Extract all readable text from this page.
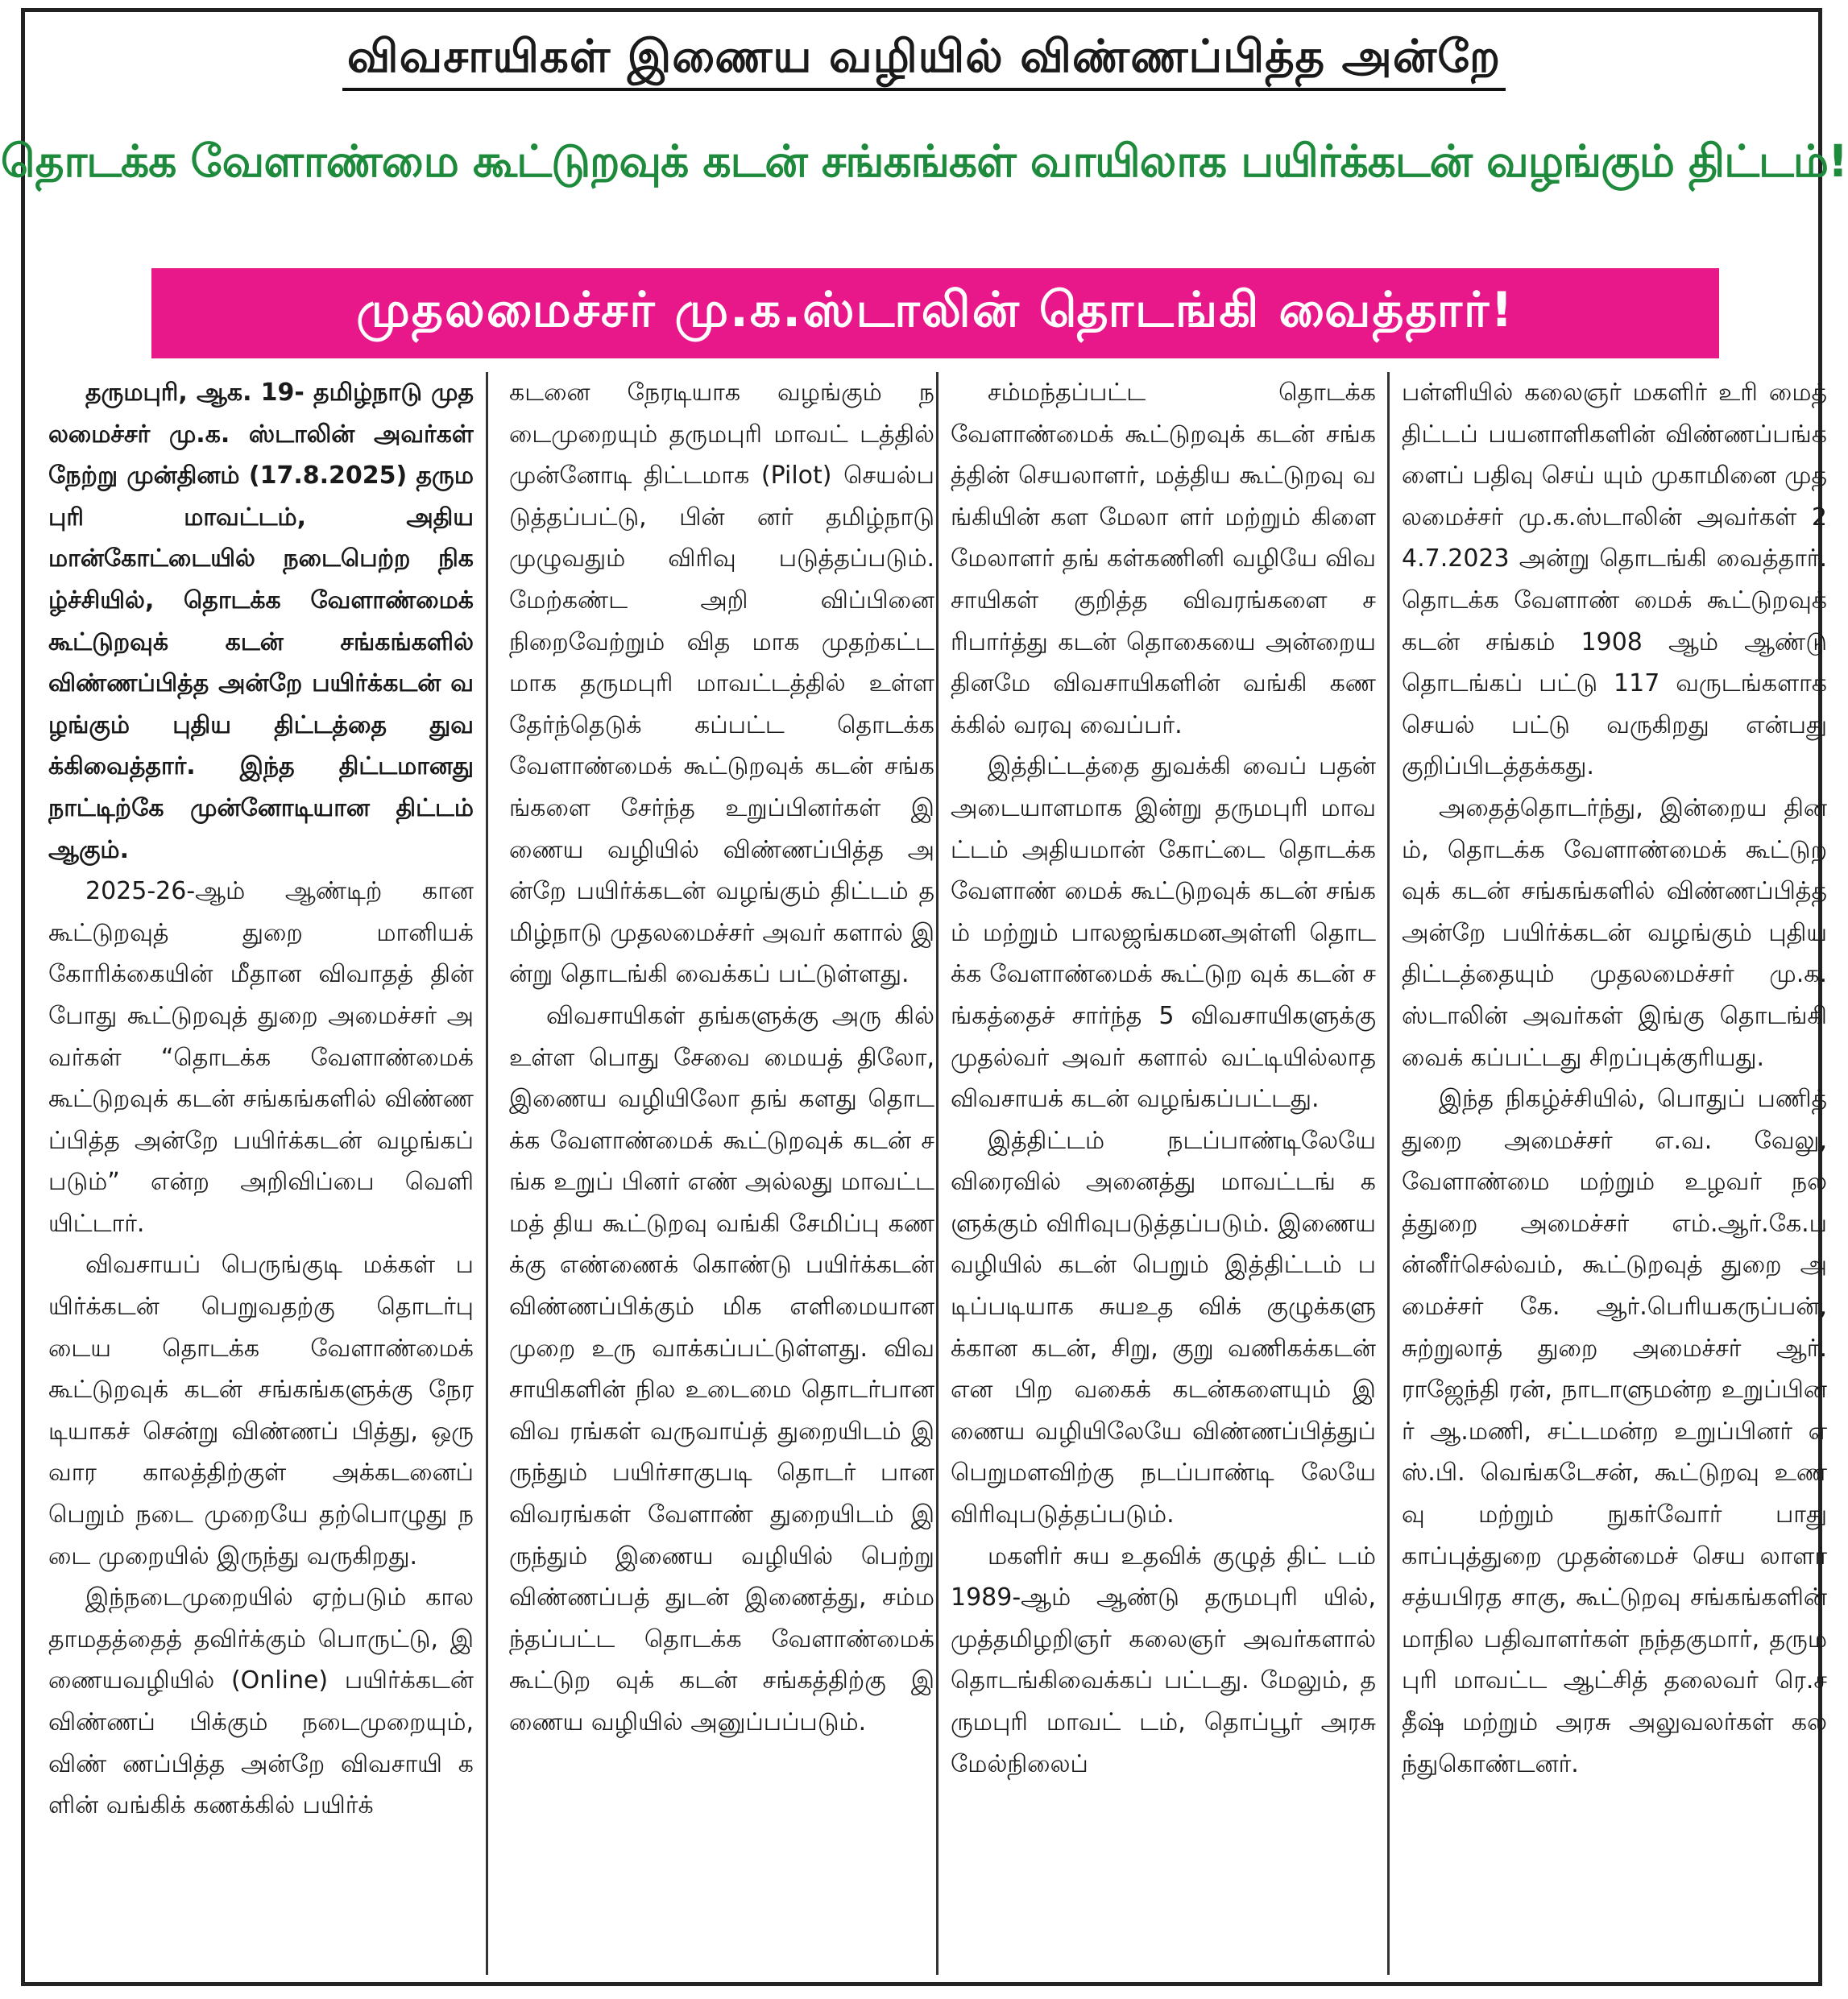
விவசாயிகள் இணைய வழியில் விண்ணப்பித்த அன்றே
தொடக்க வேளாண்மை கூட்டுறவுக் கடன் சங்கங்கள் வாயிலாக பயிர்க்கடன் வழங்கும் திட்டம்!
முதலமைச்சர் மு.க.ஸ்டாலின் தொடங்கி வைத்தார்!

தருமபுரி, ஆக. 19- தமிழ்நாடு முதலமைச்சர் மு.க. ஸ்டாலின் அவர்கள் நேற்று முன்தினம் (17.8.2025) தருமபுரி மாவட்டம், அதியமான்கோட்டையில் நடைபெற்ற நிகழ்ச்சியில், தொடக்க வேளாண்மைக் கூட்டுறவுக் கடன் சங்கங்களில் விண்ணப்பித்த அன்றே பயிர்க்கடன் வழங்கும் புதிய திட்டத்தை துவக்கிவைத்தார். இந்த திட்டமானது நாட்டிற்கே முன்னோடியான திட்டம் ஆகும்.

2025-26-ஆம் ஆண்டிற் கான கூட்டுறவுத் துறை மானியக் கோரிக்கையின் மீதான விவாதத் தின் போது கூட்டுறவுத் துறை அமைச்சர் அவர்கள் “தொடக்க வேளாண்மைக் கூட்டுறவுக் கடன் சங்கங்களில் விண்ணப்பித்த அன்றே பயிர்க்கடன் வழங்கப் படும்” என்ற அறிவிப்பை வெளி யிட்டார்.

விவசாயப் பெருங்குடி மக்கள் பயிர்க்கடன் பெறுவதற்கு தொடர்பு டைய தொடக்க வேளாண்மைக் கூட்டுறவுக் கடன் சங்கங்களுக்கு நேரடியாகச் சென்று விண்ணப் பித்து, ஒரு வார காலத்திற்குள் அக்கடனைப் பெறும் நடை முறையே தற்பொழுது நடை முறையில் இருந்து வருகிறது.

இந்நடைமுறையில் ஏற்படும் காலதாமதத்தைத் தவிர்க்கும் பொருட்டு, இணையவழியில் (Online) பயிர்க்கடன் விண்ணப் பிக்கும் நடைமுறையும், விண் ணப்பித்த அன்றே விவசாயி களின் வங்கிக் கணக்கில் பயிர்க்

கடனை நேரடியாக வழங்கும் நடைமுறையும் தருமபுரி மாவட் டத்தில் முன்னோடி திட்டமாக (Pilot) செயல்படுத்தப்பட்டு, பின் னர் தமிழ்நாடு முழுவதும் விரிவு படுத்தப்படும். மேற்கண்ட அறி விப்பினை நிறைவேற்றும் வித மாக முதற்கட்டமாக தருமபுரி மாவட்டத்தில் உள்ள தேர்ந்தெடுக் கப்பட்ட தொடக்க வேளாண்மைக் கூட்டுறவுக் கடன் சங்கங்களை சேர்ந்த உறுப்பினர்கள் இணைய வழியில் விண்ணப்பித்த அன்றே பயிர்க்கடன் வழங்கும் திட்டம் தமிழ்நாடு முதலமைச்சர் அவர் களால் இன்று தொடங்கி வைக்கப் பட்டுள்ளது.

விவசாயிகள் தங்களுக்கு அரு கில் உள்ள பொது சேவை மையத் திலோ, இணைய வழியிலோ தங் களது தொடக்க வேளாண்மைக் கூட்டுறவுக் கடன் சங்க உறுப் பினர் எண் அல்லது மாவட்ட மத் திய கூட்டுறவு வங்கி சேமிப்பு கணக்கு எண்ணைக் கொண்டு பயிர்க்கடன் விண்ணப்பிக்கும் மிக எளிமையான முறை உரு வாக்கப்பட்டுள்ளது. விவசாயிகளின் நில உடைமை தொடர்பான விவ ரங்கள் வருவாய்த் துறையிடம் இருந்தும் பயிர்சாகுபடி தொடர் பான விவரங்கள் வேளாண் துறையிடம் இருந்தும் இணைய வழியில் பெற்று விண்ணப்பத் துடன் இணைத்து, சம்மந்தப்பட்ட தொடக்க வேளாண்மைக் கூட்டுற வுக் கடன் சங்கத்திற்கு இணைய வழியில் அனுப்பப்படும்.

சம்மந்தப்பட்ட தொடக்க வேளாண்மைக் கூட்டுறவுக் கடன் சங்கத்தின் செயலாளர், மத்திய கூட்டுறவு வங்கியின் கள மேலா ளர் மற்றும் கிளை மேலாளர் தங் கள்கணினி வழியே விவசாயிகள் குறித்த விவரங்களை சரிபார்த்து கடன் தொகையை அன்றைய தினமே விவசாயிகளின் வங்கி கணக்கில் வரவு வைப்பர்.

இத்திட்டத்தை துவக்கி வைப் பதன் அடையாளமாக இன்று தருமபுரி மாவட்டம் அதியமான் கோட்டை தொடக்க வேளாண் மைக் கூட்டுறவுக் கடன் சங்கம் மற்றும் பாலஜங்கமனஅள்ளி தொடக்க வேளாண்மைக் கூட்டுற வுக் கடன் சங்கத்தைச் சார்ந்த 5 விவசாயிகளுக்கு முதல்வர் அவர் களால் வட்டியில்லாத விவசாயக் கடன் வழங்கப்பட்டது.

இத்திட்டம் நடப்பாண்டிலேயே விரைவில் அனைத்து மாவட்டங் களுக்கும் விரிவுபடுத்தப்படும். இணையவழியில் கடன் பெறும் இத்திட்டம் படிப்படியாக சுயஉத விக் குழுக்களு க்கான கடன், சிறு, குறு வணிகக்கடன் என பிற வகைக் கடன்களையும் இணைய வழியிலேயே விண்ணப்பித்துப் பெறுமளவிற்கு நடப்பாண்டி லேயே விரிவுபடுத்தப்படும்.

மகளிர் சுய உதவிக் குழுத் திட் டம் 1989-ஆம் ஆண்டு தருமபுரி யில், முத்தமிழறிஞர் கலைஞர் அவர்களால் தொடங்கிவைக்கப் பட்டது. மேலும், தருமபுரி மாவட் டம், தொப்பூர் அரசு மேல்நிலைப்

பள்ளியில் கலைஞர் மகளிர் உரி மைத் திட்டப் பயனாளிகளின் விண்ணப்பங்களைப் பதிவு செய் யும் முகாமினை முதலமைச்சர் மு.க.ஸ்டாலின் அவர்கள் 24.7.2023 அன்று தொடங்கி வைத்தார். தொடக்க வேளாண் மைக் கூட்டுறவுக் கடன் சங்கம் 1908 ஆம் ஆண்டு தொடங்கப் பட்டு 117 வருடங்களாக செயல் பட்டு வருகிறது என்பது குறிப்பிடத்தக்கது.

அதைத்தொடர்ந்து, இன்றைய தினம், தொடக்க வேளாண்மைக் கூட்டுற வுக் கடன் சங்கங்களில் விண்ணப்பித்த அன்றே பயிர்க்கடன் வழங்கும் புதிய திட்டத்தையும் முதலமைச்சர் மு.க.ஸ்டாலின் அவர்கள் இங்கு தொடங்கி வைக் கப்பட்டது சிறப்புக்குரியது.

இந்த நிகழ்ச்சியில், பொதுப் பணித் துறை அமைச்சர் எ.வ. வேலு, வேளாண்மை மற்றும் உழவர் நலத்துறை அமைச்சர் எம்.ஆர்.கே.பன்னீர்செல்வம், கூட்டுறவுத் துறை அமைச்சர் கே. ஆர்.பெரியகருப்பன், சுற்றுலாத் துறை அமைச்சர் ஆர்.ராஜேந்தி ரன், நாடாளுமன்ற உறுப்பினர் ஆ.மணி, சட்டமன்ற உறுப்பினர் எஸ்.பி. வெங்கடேசன், கூட்டுறவு உணவு மற்றும் நுகர்வோர் பாது காப்புத்துறை முதன்மைச் செய லாளர் சத்யபிரத சாகு, கூட்டுறவு சங்கங்களின் மாநில பதிவாளர்கள் நந்தகுமார், தருமபுரி மாவட்ட ஆட்சித் தலைவர் ரெ.சதீஷ் மற்றும் அரசு அலுவலர்கள் கலந்துகொண்டனர்.
